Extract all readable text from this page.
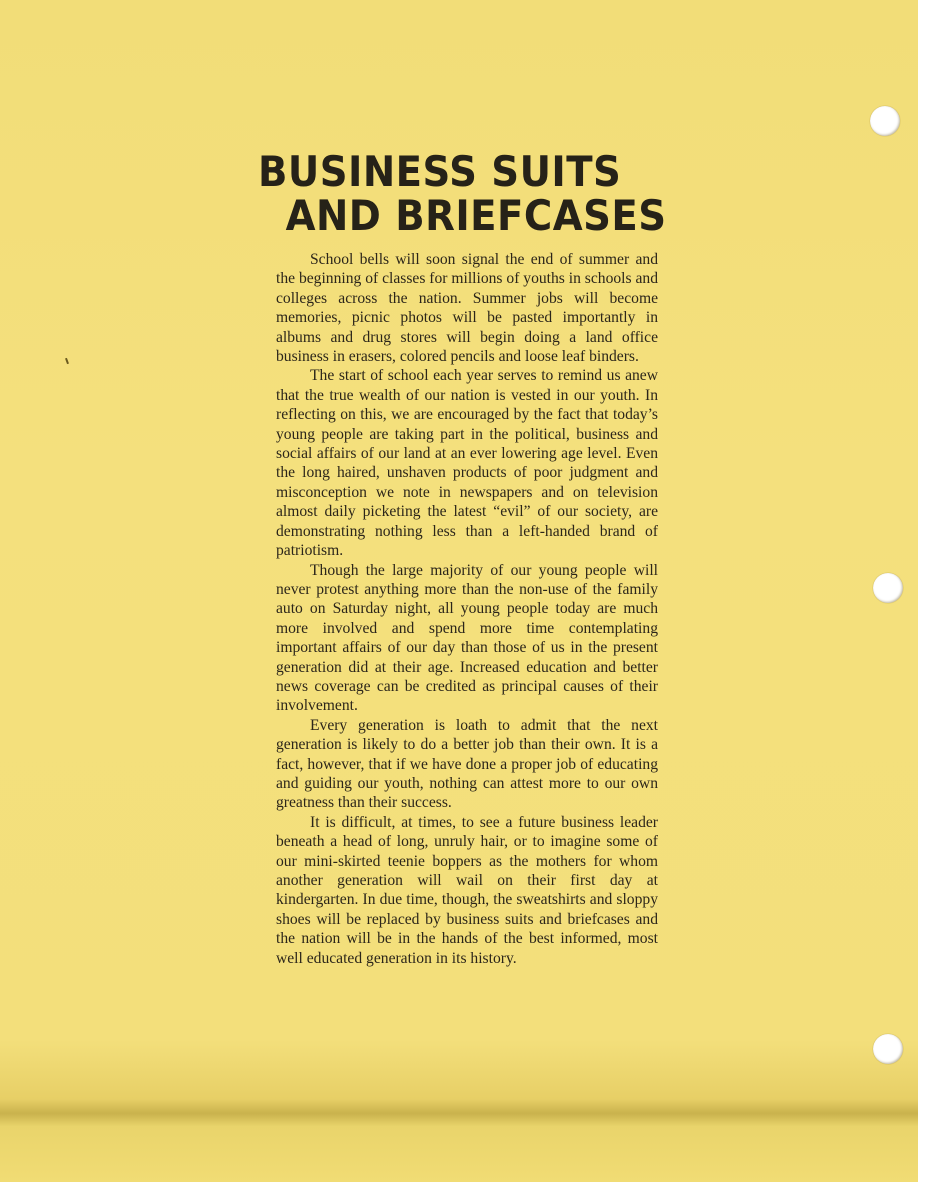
BUSINESS SUITS
AND BRIEFCASES

School bells will soon signal the end of summer and the beginning of classes for millions of youths in schools and colleges across the nation. Summer jobs will become memories, picnic photos will be pasted importantly in albums and drug stores will begin doing a land office business in erasers, colored pencils and loose leaf binders.

The start of school each year serves to remind us anew that the true wealth of our nation is vested in our youth. In reflecting on this, we are encouraged by the fact that today’s young people are taking part in the political, business and social affairs of our land at an ever lowering age level. Even the long haired, unshaven products of poor judgment and misconception we note in newspapers and on television almost daily picketing the latest “evil” of our society, are demonstrating nothing less than a left-handed brand of patriotism.

Though the large majority of our young people will never protest anything more than the non-use of the family auto on Saturday night, all young people today are much more involved and spend more time contemplating important affairs of our day than those of us in the present generation did at their age. Increased education and better news coverage can be credited as principal causes of their involvement.

Every generation is loath to admit that the next generation is likely to do a better job than their own. It is a fact, however, that if we have done a proper job of educating and guiding our youth, nothing can attest more to our own greatness than their success.

It is difficult, at times, to see a future business leader beneath a head of long, unruly hair, or to imagine some of our mini-skirted teenie boppers as the mothers for whom another generation will wail on their first day at kindergarten. In due time, though, the sweatshirts and sloppy shoes will be replaced by business suits and briefcases and the nation will be in the hands of the best informed, most well educated generation in its history.
